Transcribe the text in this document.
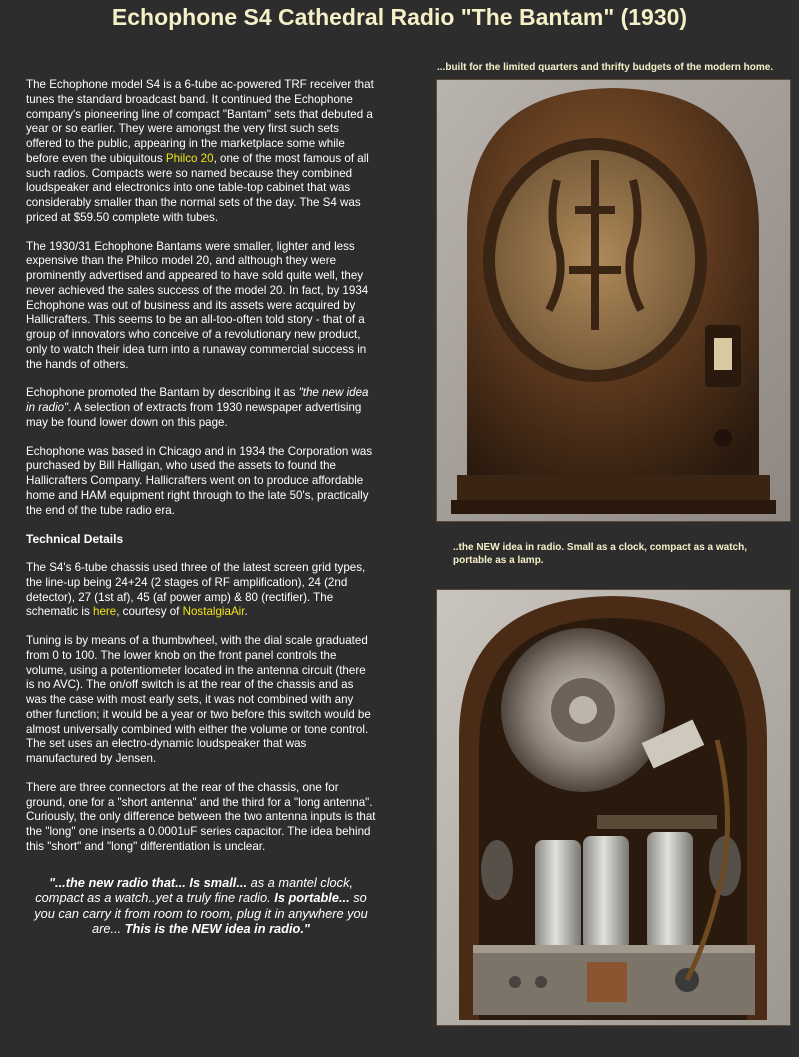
Echophone S4 Cathedral Radio "The Bantam" (1930)

The Echophone model S4 is a 6-tube ac-powered TRF receiver that tunes the standard broadcast band. It continued the Echophone company's pioneering line of compact "Bantam" sets that debuted a year or so earlier. They were amongst the very first such sets offered to the public, appearing in the marketplace some while before even the ubiquitous Philco 20, one of the most famous of all such radios. Compacts were so named because they combined loudspeaker and electronics into one table-top cabinet that was considerably smaller than the normal sets of the day. The S4 was priced at $59.50 complete with tubes.

The 1930/31 Echophone Bantams were smaller, lighter and less expensive than the Philco model 20, and although they were prominently advertised and appeared to have sold quite well, they never achieved the sales success of the model 20. In fact, by 1934 Echophone was out of business and its assets were acquired by Hallicrafters. This seems to be an all-too-often told story - that of a group of innovators who conceive of a revolutionary new product, only to watch their idea turn into a runaway commercial success in the hands of others.

Echophone promoted the Bantam by describing it as "the new idea in radio". A selection of extracts from 1930 newspaper advertising may be found lower down on this page.

Echophone was based in Chicago and in 1934 the Corporation was purchased by Bill Halligan, who used the assets to found the Hallicrafters Company. Hallicrafters went on to produce affordable home and HAM equipment right through to the late 50's, practically the end of the tube radio era.

Technical Details

The S4's 6-tube chassis used three of the latest screen grid types, the line-up being 24+24 (2 stages of RF amplification), 24 (2nd detector), 27 (1st af), 45 (af power amp) & 80 (rectifier). The schematic is here, courtesy of NostalgiaAir.

Tuning is by means of a thumbwheel, with the dial scale graduated from 0 to 100. The lower knob on the front panel controls the volume, using a potentiometer located in the antenna circuit (there is no AVC). The on/off switch is at the rear of the chassis and as was the case with most early sets, it was not combined with any other function; it would be a year or two before this switch would be almost universally combined with either the volume or tone control. The set uses an electro-dynamic loudspeaker that was manufactured by Jensen.

There are three connectors at the rear of the chassis, one for ground, one for a "short antenna" and the third for a "long antenna". Curiously, the only difference between the two antenna inputs is that the "long" one inserts a 0.0001uF series capacitor. The idea behind this "short" and "long" differentiation is unclear.

"...the new radio that... Is small... as a mantel clock, compact as a watch..yet a truly fine radio. Is portable... so you can carry it from room to room, plug it in anywhere you are... This is the NEW idea in radio."
...built for the limited quarters and thrifty budgets of the modern home.
..the NEW idea in radio. Small as a clock, compact as a watch, portable as a lamp.
